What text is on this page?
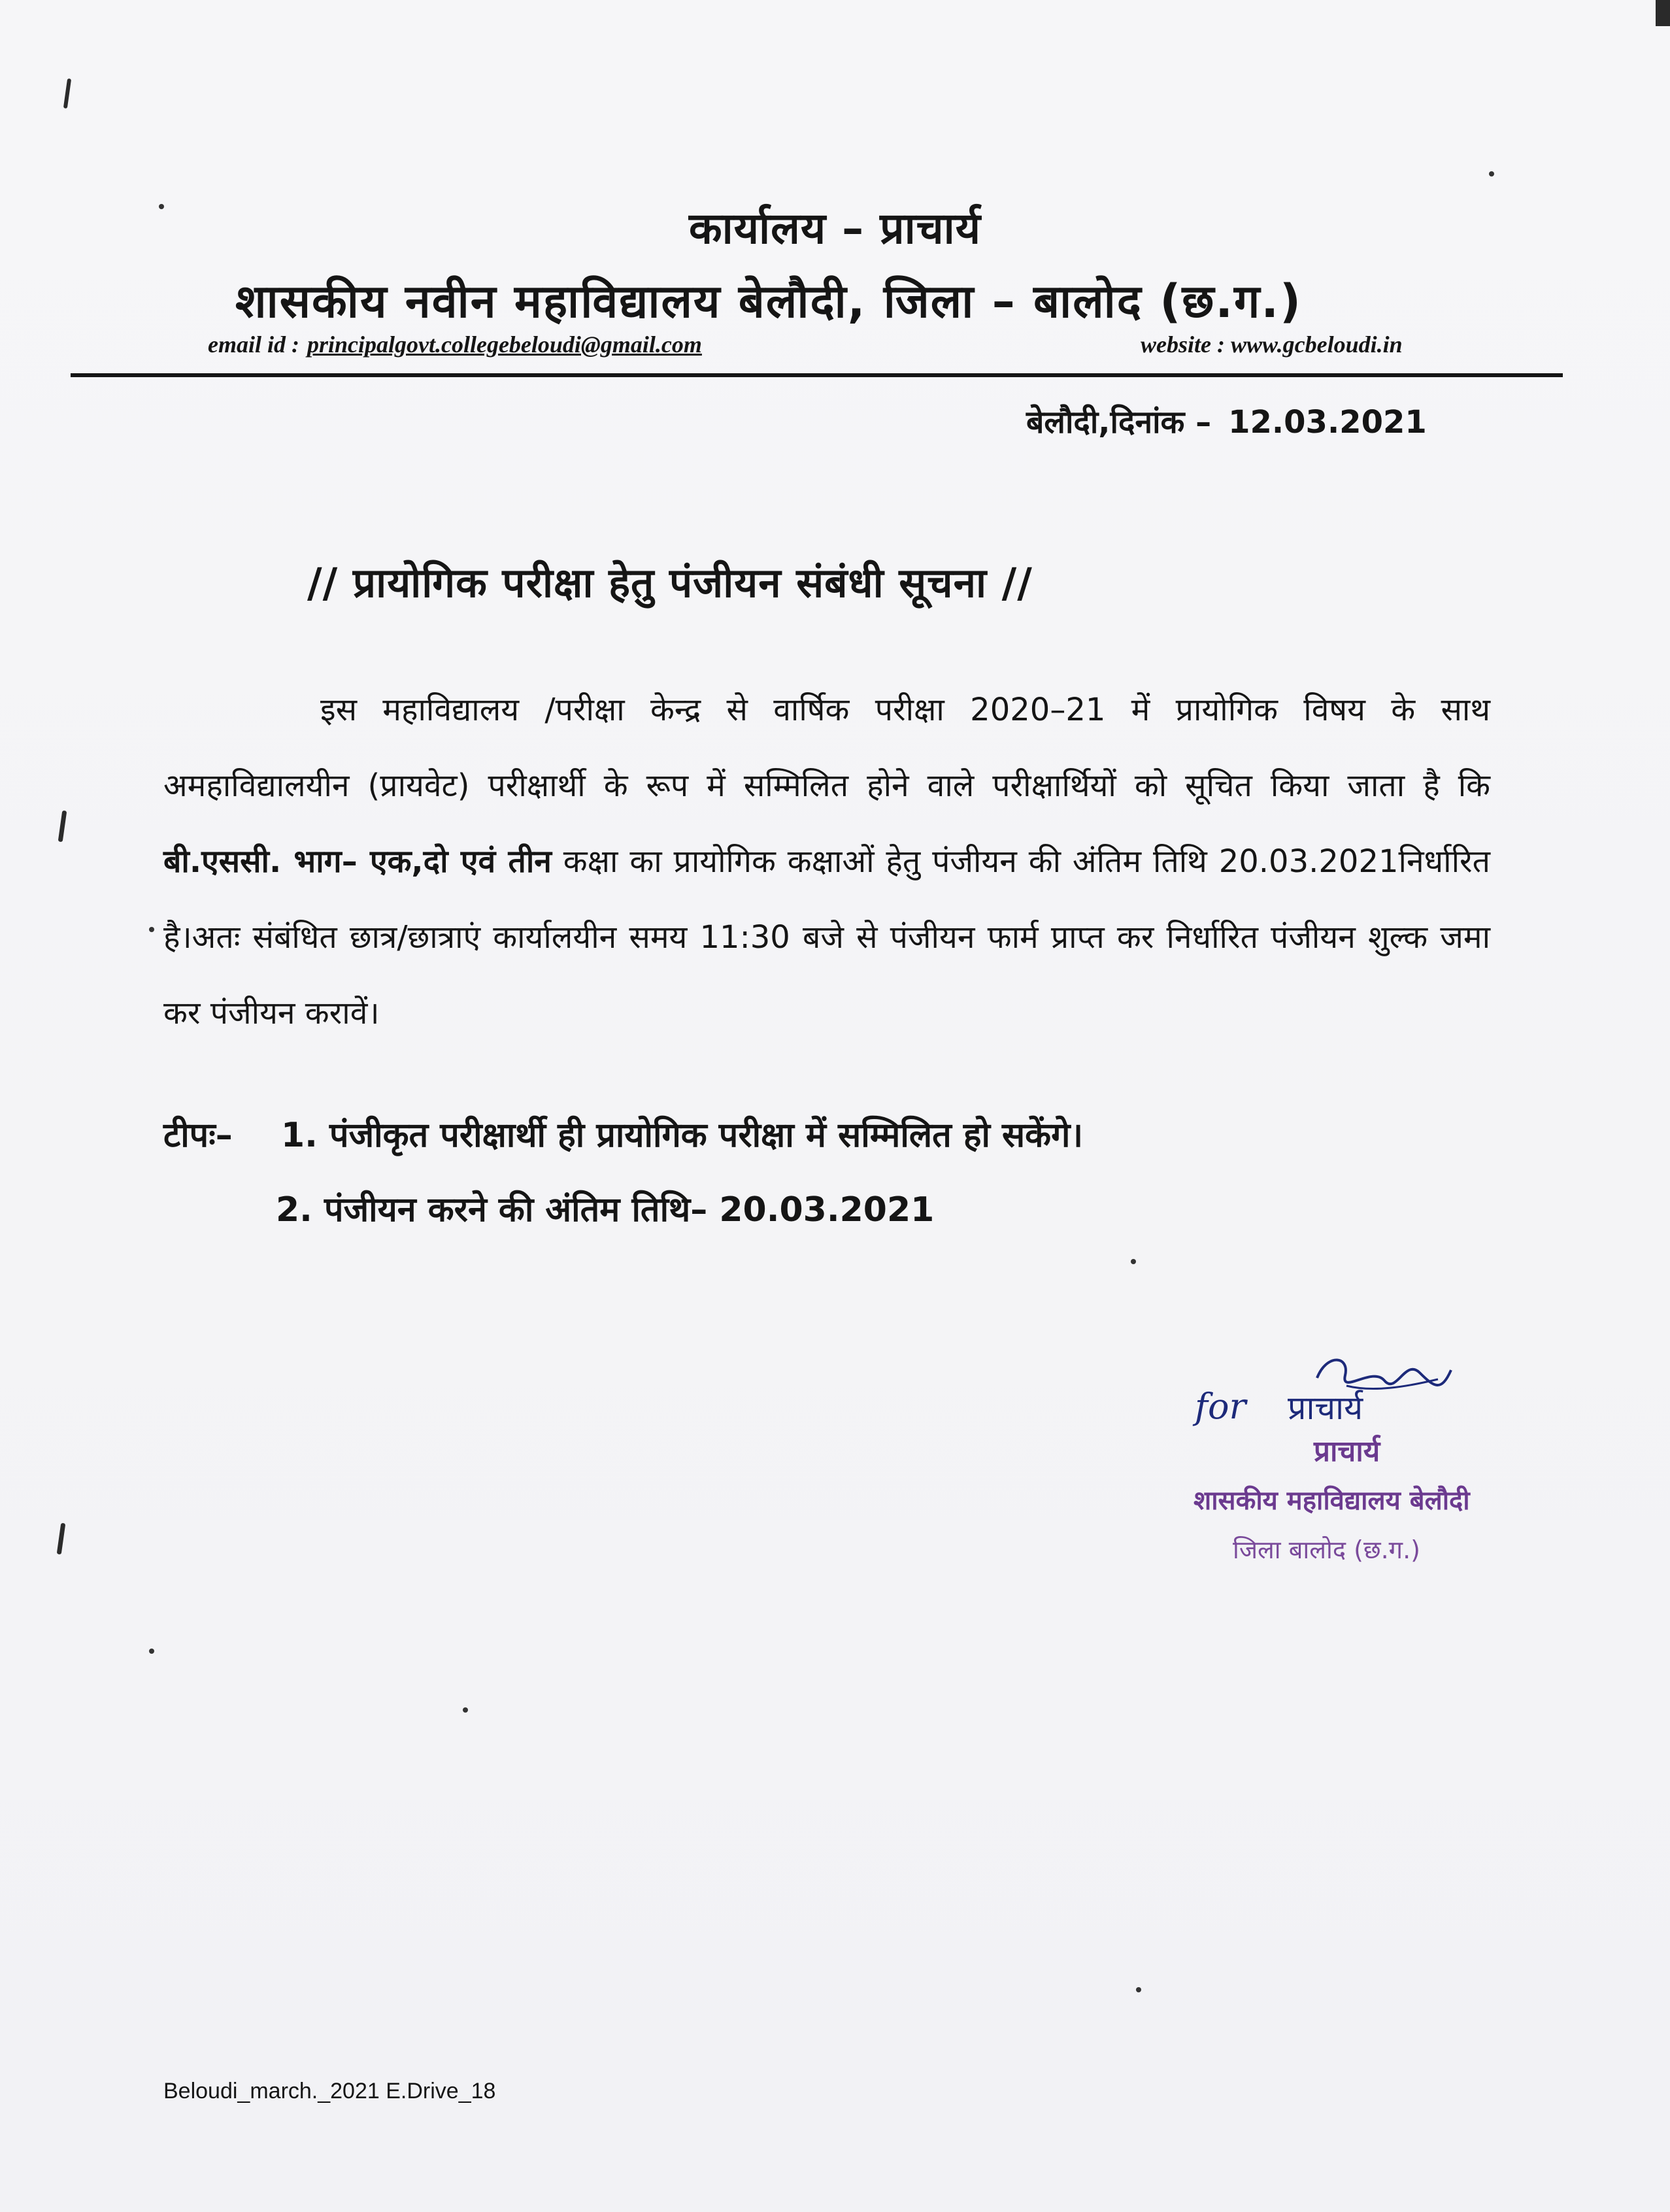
कार्यालय – प्राचार्य
शासकीय नवीन महाविद्यालय बेलौदी, जिला – बालोद (छ.ग.)
email id : principalgovt.collegebeloudi@gmail.com	website : www.gcbeloudi.in
बेलौदी,दिनांक – 12.03.2021
// प्रायोगिक परीक्षा हेतु पंजीयन संबंधी सूचना //
इस महाविद्यालय /परीक्षा केन्द्र से वार्षिक परीक्षा 2020–21 में प्रायोगिक विषय के साथ अमहाविद्यालयीन (प्रायवेट) परीक्षार्थी के रूप में सम्मिलित होने वाले परीक्षार्थियों को सूचित किया जाता है कि बी.एससी. भाग– एक,दो एवं तीन कक्षा का प्रायोगिक कक्षाओं हेतु पंजीयन की अंतिम तिथि 20.03.2021निर्धारित है।अतः संबंधित छात्र/छात्राएं कार्यालयीन समय 11:30 बजे से पंजीयन फार्म प्राप्त कर निर्धारित पंजीयन शुल्क जमा कर पंजीयन करावें।
टीपः– 1. पंजीकृत परीक्षार्थी ही प्रायोगिक परीक्षा में सम्मिलित हो सकेंगे।
2. पंजीयन करने की अंतिम तिथि– 20.03.2021
for प्राचार्य
प्राचार्य
शासकीय महाविद्यालय बेलौदी
जिला बालोद (छ.ग.)
Beloudi_march._2021 E.Drive_18
